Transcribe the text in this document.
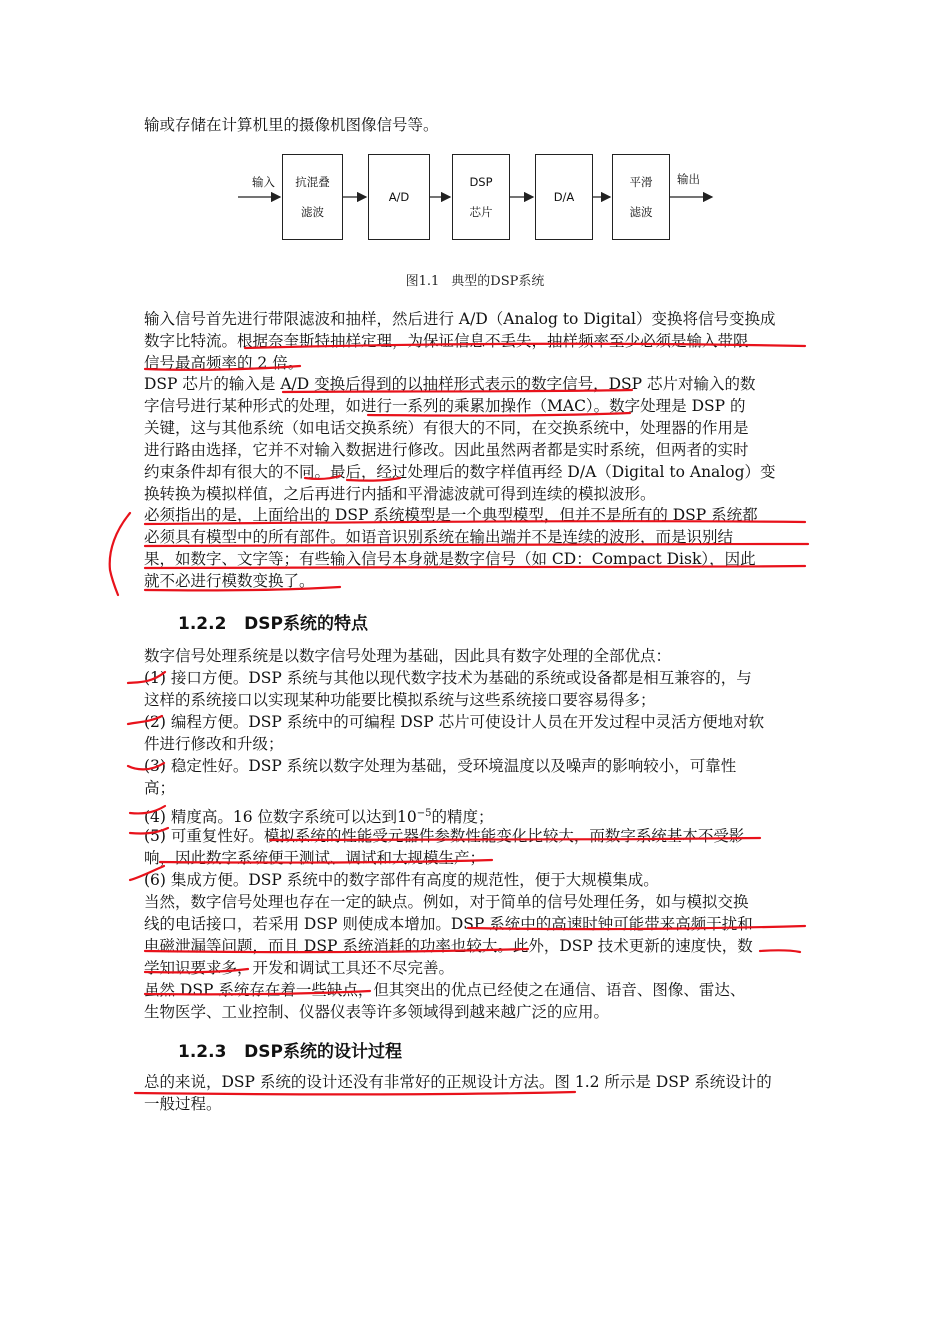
输或存储在计算机里的摄像机图像信号等。

输入	输出
抗混叠
滤波
A/D
DSP
芯片
D/A
平滑
滤波
图1.1 典型的DSP系统

输入信号首先进行带限滤波和抽样，然后进行 A/D（Analog to Digital）变换将信号变换成
数字比特流。根据奈奎斯特抽样定理，为保证信息不丢失，抽样频率至少必须是输入带限
信号最高频率的 2 倍。

DSP 芯片的输入是 A/D 变换后得到的以抽样形式表示的数字信号，DSP 芯片对输入的数
字信号进行某种形式的处理，如进行一系列的乘累加操作（MAC）。数字处理是 DSP 的
关键，这与其他系统（如电话交换系统）有很大的不同，在交换系统中，处理器的作用是
进行路由选择，它并不对输入数据进行修改。因此虽然两者都是实时系统，但两者的实时
约束条件却有很大的不同。最后，经过处理后的数字样值再经 D/A（Digital to Analog）变
换转换为模拟样值，之后再进行内插和平滑滤波就可得到连续的模拟波形。

必须指出的是，上面给出的 DSP 系统模型是一个典型模型，但并不是所有的 DSP 系统都
必须具有模型中的所有部件。如语音识别系统在输出端并不是连续的波形，而是识别结
果，如数字、文字等；有些输入信号本身就是数字信号（如 CD：Compact Disk），因此
就不必进行模数变换了。

1.2.2 DSP系统的特点

数字信号处理系统是以数字信号处理为基础，因此具有数字处理的全部优点：
(1) 接口方便。DSP 系统与其他以现代数字技术为基础的系统或设备都是相互兼容的，与
这样的系统接口以实现某种功能要比模拟系统与这些系统接口要容易得多；
(2) 编程方便。DSP 系统中的可编程 DSP 芯片可使设计人员在开发过程中灵活方便地对软
件进行修改和升级；
(3) 稳定性好。DSP 系统以数字处理为基础，受环境温度以及噪声的影响较小，可靠性
高；
(4) 精度高。16 位数字系统可以达到$10^{-5}$的精度；
(5) 可重复性好。模拟系统的性能受元器件参数性能变化比较大，而数字系统基本不受影
响，因此数字系统便于测试、调试和大规模生产；
(6) 集成方便。DSP 系统中的数字部件有高度的规范性，便于大规模集成。
当然，数字信号处理也存在一定的缺点。例如，对于简单的信号处理任务，如与模拟交换
线的电话接口，若采用 DSP 则使成本增加。DSP 系统中的高速时钟可能带来高频干扰和
电磁泄漏等问题，而且 DSP 系统消耗的功率也较大。此外，DSP 技术更新的速度快，数
学知识要求多，开发和调试工具还不尽完善。
虽然 DSP 系统存在着一些缺点，但其突出的优点已经使之在通信、语音、图像、雷达、
生物医学、工业控制、仪器仪表等许多领域得到越来越广泛的应用。

1.2.3 DSP系统的设计过程

总的来说，DSP 系统的设计还没有非常好的正规设计方法。图 1.2 所示是 DSP 系统设计的
一般过程。
